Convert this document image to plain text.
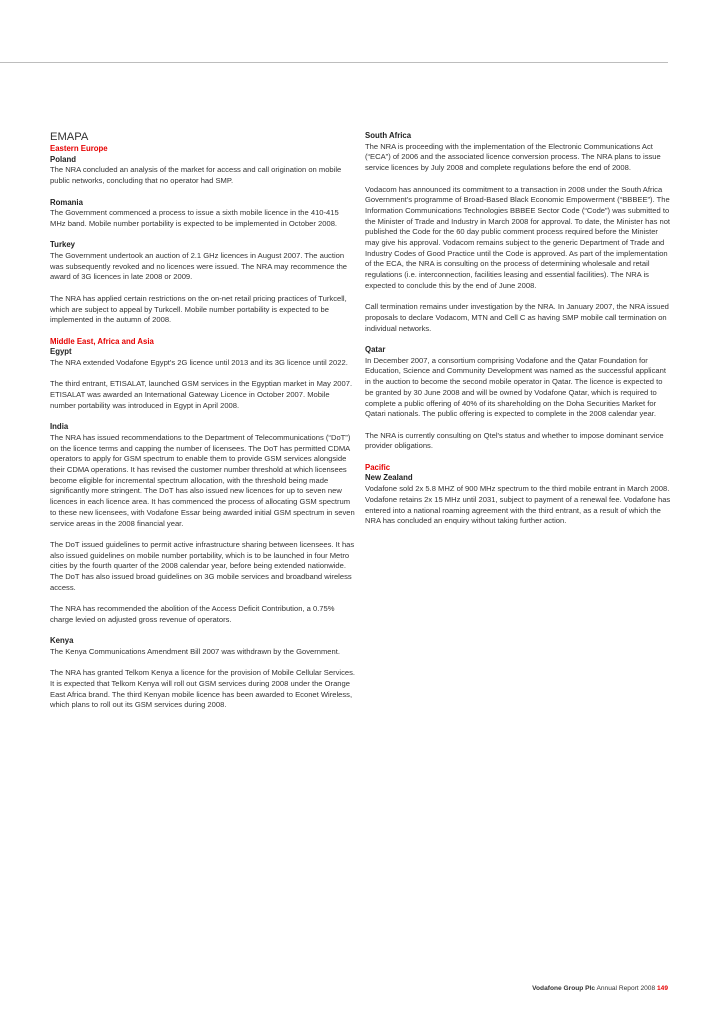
EMAPA
Eastern Europe
Poland

The NRA concluded an analysis of the market for access and call origination on mobile public networks, concluding that no operator had SMP.

Romania

The Government commenced a process to issue a sixth mobile licence in the 410-415 MHz band. Mobile number portability is expected to be implemented in October 2008.

Turkey

The Government undertook an auction of 2.1 GHz licences in August 2007. The auction was subsequently revoked and no licences were issued. The NRA may recommence the award of 3G licences in late 2008 or 2009.

The NRA has applied certain restrictions on the on-net retail pricing practices of Turkcell, which are subject to appeal by Turkcell. Mobile number portability is expected to be implemented in the autumn of 2008.

Middle East, Africa and Asia
Egypt

The NRA extended Vodafone Egypt's 2G licence until 2013 and its 3G licence until 2022.

The third entrant, ETISALAT, launched GSM services in the Egyptian market in May 2007. ETISALAT was awarded an International Gateway Licence in October 2007. Mobile number portability was introduced in Egypt in April 2008.

India

The NRA has issued recommendations to the Department of Telecommunications (“DoT”) on the licence terms and capping the number of licensees. The DoT has permitted CDMA operators to apply for GSM spectrum to enable them to provide GSM services alongside their CDMA operations. It has revised the customer number threshold at which licensees become eligible for incremental spectrum allocation, with the threshold being made significantly more stringent. The DoT has also issued new licences for up to seven new licences in each licence area. It has commenced the process of allocating GSM spectrum to these new licensees, with Vodafone Essar being awarded initial GSM spectrum in seven service areas in the 2008 financial year.

The DoT issued guidelines to permit active infrastructure sharing between licensees. It has also issued guidelines on mobile number portability, which is to be launched in four Metro cities by the fourth quarter of the 2008 calendar year, before being extended nationwide. The DoT has also issued broad guidelines on 3G mobile services and broadband wireless access.

The NRA has recommended the abolition of the Access Deficit Contribution, a 0.75% charge levied on adjusted gross revenue of operators.

Kenya

The Kenya Communications Amendment Bill 2007 was withdrawn by the Government.

The NRA has granted Telkom Kenya a licence for the provision of Mobile Cellular Services. It is expected that Telkom Kenya will roll out GSM services during 2008 under the Orange East Africa brand. The third Kenyan mobile licence has been awarded to Econet Wireless, which plans to roll out its GSM services during 2008.

South Africa

The NRA is proceeding with the implementation of the Electronic Communications Act (“ECA”) of 2006 and the associated licence conversion process. The NRA plans to issue service licences by July 2008 and complete regulations before the end of 2008.

Vodacom has announced its commitment to a transaction in 2008 under the South Africa Government's programme of Broad-Based Black Economic Empowerment (“BBBEE”). The Information Communications Technologies BBBEE Sector Code (“Code”) was submitted to the Minister of Trade and Industry in March 2008 for approval. To date, the Minister has not published the Code for the 60 day public comment process required before the Minister may give his approval. Vodacom remains subject to the generic Department of Trade and Industry Codes of Good Practice until the Code is approved. As part of the implementation of the ECA, the NRA is consulting on the process of determining wholesale and retail regulations (i.e. interconnection, facilities leasing and essential facilities). The NRA is expected to conclude this by the end of June 2008.

Call termination remains under investigation by the NRA. In January 2007, the NRA issued proposals to declare Vodacom, MTN and Cell C as having SMP mobile call termination on individual networks.

Qatar

In December 2007, a consortium comprising Vodafone and the Qatar Foundation for Education, Science and Community Development was named as the successful applicant in the auction to become the second mobile operator in Qatar. The licence is expected to be granted by 30 June 2008 and will be owned by Vodafone Qatar, which is required to complete a public offering of 40% of its shareholding on the Doha Securities Market for Qatari nationals. The public offering is expected to complete in the 2008 calendar year.

The NRA is currently consulting on Qtel's status and whether to impose dominant service provider obligations.

Pacific
New Zealand

Vodafone sold 2x 5.8 MHZ of 900 MHz spectrum to the third mobile entrant in March 2008. Vodafone retains 2x 15 MHz until 2031, subject to payment of a renewal fee. Vodafone has entered into a national roaming agreement with the third entrant, as a result of which the NRA has concluded an enquiry without taking further action.

Vodafone Group Plc Annual Report 2008 149
